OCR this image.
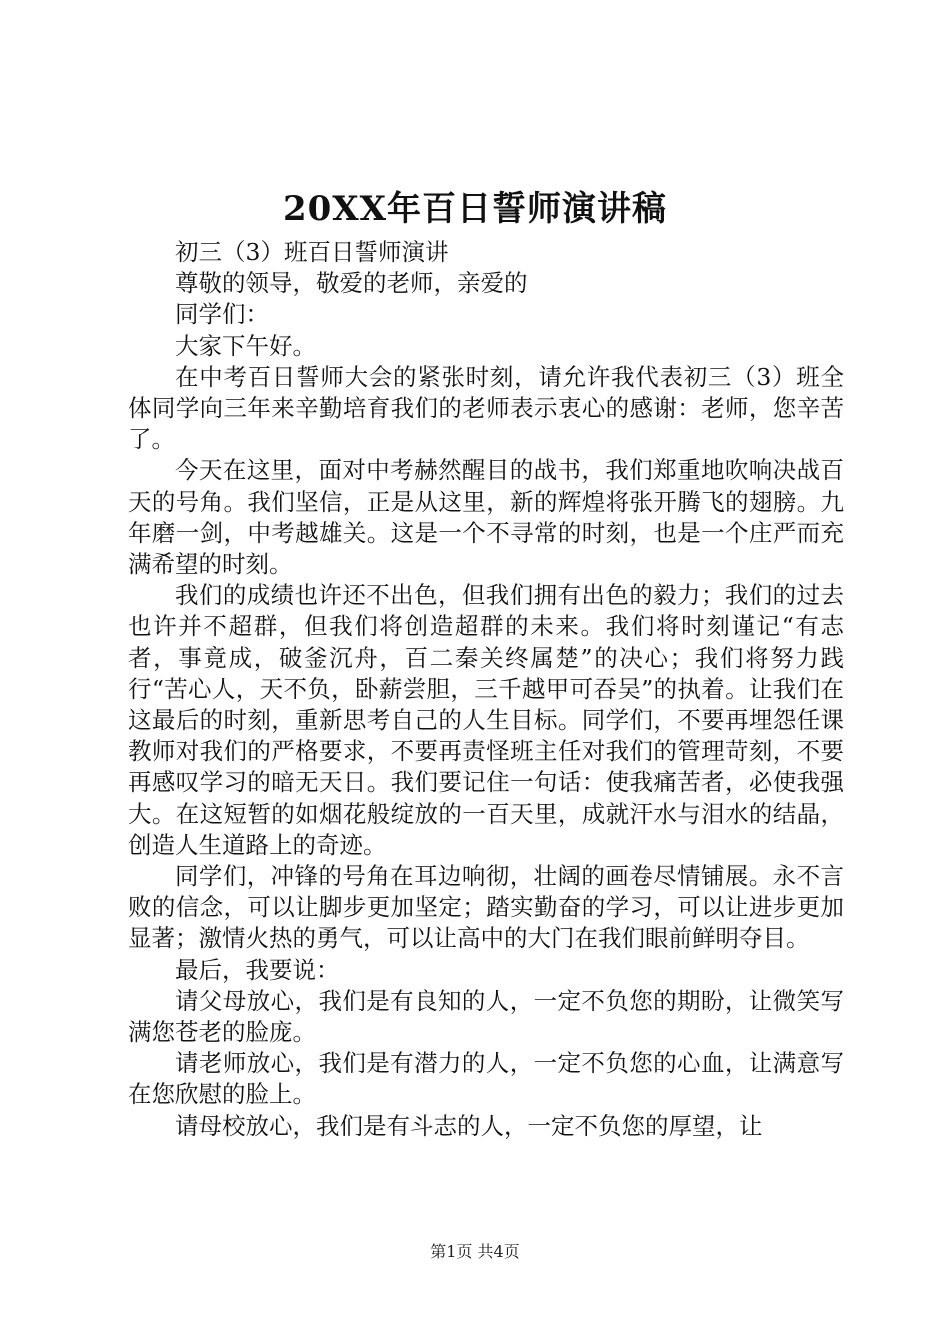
20XX年百日誓师演讲稿

初三（3）班百日誓师演讲

尊敬的领导，敬爱的老师，亲爱的

同学们：

大家下午好。

在中考百日誓师大会的紧张时刻，请允许我代表初三（3）班全体同学向三年来辛勤培育我们的老师表示衷心的感谢：老师，您辛苦了。

今天在这里，面对中考赫然醒目的战书，我们郑重地吹响决战百天的号角。我们坚信，正是从这里，新的辉煌将张开腾飞的翅膀。九年磨一剑，中考越雄关。这是一个不寻常的时刻，也是一个庄严而充满希望的时刻。

我们的成绩也许还不出色，但我们拥有出色的毅力；我们的过去也许并不超群，但我们将创造超群的未来。我们将时刻谨记“有志者，事竟成，破釜沉舟，百二秦关终属楚”的决心；我们将努力践行“苦心人，天不负，卧薪尝胆，三千越甲可吞吴”的执着。让我们在这最后的时刻，重新思考自己的人生目标。同学们，不要再埋怨任课教师对我们的严格要求，不要再责怪班主任对我们的管理苛刻，不要再感叹学习的暗无天日。我们要记住一句话：使我痛苦者，必使我强大。在这短暂的如烟花般绽放的一百天里，成就汗水与泪水的结晶，创造人生道路上的奇迹。

同学们，冲锋的号角在耳边响彻，壮阔的画卷尽情铺展。永不言败的信念，可以让脚步更加坚定；踏实勤奋的学习，可以让进步更加显著；激情火热的勇气，可以让高中的大门在我们眼前鲜明夺目。

最后，我要说：

请父母放心，我们是有良知的人，一定不负您的期盼，让微笑写满您苍老的脸庞。

请老师放心，我们是有潜力的人，一定不负您的心血，让满意写在您欣慰的脸上。

请母校放心，我们是有斗志的人，一定不负您的厚望，让

第1页 共4页
